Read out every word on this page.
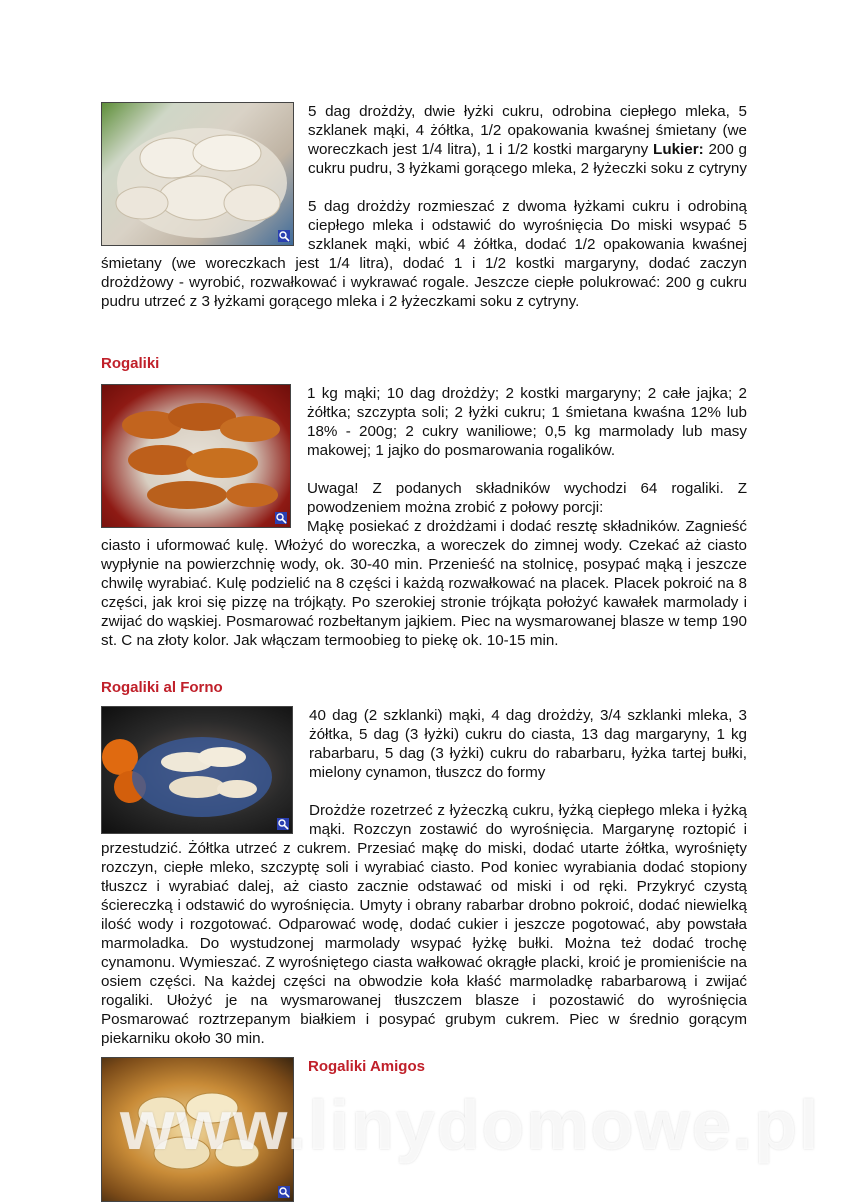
5 dag drożdży, dwie łyżki cukru, odrobina ciepłego mleka, 5 szklanek mąki, 4 żółtka, 1/2 opakowania kwaśnej śmietany (we woreczkach jest 1/4 litra), 1 i 1/2 kostki margaryny Lukier: 200 g cukru pudru, 3 łyżkami gorącego mleka, 2 łyżeczki soku z cytryny

5 dag drożdży rozmieszać z dwoma łyżkami cukru i odrobiną ciepłego mleka i odstawić do wyrośnięcia Do miski wsypać 5 szklanek mąki, wbić 4 żółtka, dodać 1/2 opakowania kwaśnej śmietany (we woreczkach jest 1/4 litra), dodać 1 i 1/2 kostki margaryny, dodać zaczyn drożdżowy - wyrobić, rozwałkować i wykrawać rogale. Jeszcze ciepłe polukrować: 200 g cukru pudru utrzeć z 3 łyżkami gorącego mleka i 2 łyżeczkami soku z cytryny.

Rogaliki

1 kg mąki; 10 dag drożdży; 2 kostki margaryny; 2 całe jajka; 2 żółtka; szczypta soli; 2 łyżki cukru; 1 śmietana kwaśna 12% lub 18% - 200g; 2 cukry waniliowe; 0,5 kg marmolady lub masy makowej; 1 jajko do posmarowania rogalików.

Uwaga! Z podanych składników wychodzi 64 rogaliki. Z powodzeniem można zrobić z połowy porcji:

Mąkę posiekać z drożdżami i dodać resztę składników. Zagnieść ciasto i uformować kulę. Włożyć do woreczka, a woreczek do zimnej wody. Czekać aż ciasto wypłynie na powierzchnię wody, ok. 30-40 min. Przenieść na stolnicę, posypać mąką i jeszcze chwilę wyrabiać. Kulę podzielić na 8 części i każdą rozwałkować na placek. Placek pokroić na 8 części, jak kroi się pizzę na trójkąty. Po szerokiej stronie trójkąta położyć kawałek marmolady i zwijać do wąskiej. Posmarować rozbełtanym jajkiem. Piec na wysmarowanej blasze w temp 190 st. C na złoty kolor. Jak włączam termoobieg to piekę ok. 10-15 min.

Rogaliki al Forno

40 dag (2 szklanki) mąki, 4 dag drożdży, 3/4 szklanki mleka, 3 żółtka, 5 dag (3 łyżki) cukru do ciasta, 13 dag margaryny, 1 kg rabarbaru, 5 dag (3 łyżki) cukru do rabarbaru, łyżka tartej bułki, mielony cynamon, tłuszcz do formy

Drożdże rozetrzeć z łyżeczką cukru, łyżką ciepłego mleka i łyżką mąki. Rozczyn zostawić do wyrośnięcia. Margarynę roztopić i przestudzić. Żółtka utrzeć z cukrem. Przesiać mąkę do miski, dodać utarte żółtka, wyrośnięty rozczyn, ciepłe mleko, szczyptę soli i wyrabiać ciasto. Pod koniec wyrabiania dodać stopiony tłuszcz i wyrabiać dalej, aż ciasto zacznie odstawać od miski i od ręki. Przykryć czystą ściereczką i odstawić do wyrośnięcia. Umyty i obrany rabarbar drobno pokroić, dodać niewielką ilość wody i rozgotować. Odparować wodę, dodać cukier i jeszcze pogotować, aby powstała marmoladka. Do wystudzonej marmolady wsypać łyżkę bułki. Można też dodać trochę cynamonu. Wymieszać. Z wyrośniętego ciasta wałkować okrągłe placki, kroić je promieniście na osiem części. Na każdej części na obwodzie koła kłaść marmoladkę rabarbarową i zwijać rogaliki. Ułożyć je na wysmarowanej tłuszczem blasze i pozostawić do wyrośnięcia Posmarować roztrzepanym białkiem i posypać grubym cukrem. Piec w średnio gorącym piekarniku około 30 min.

Rogaliki Amigos
www.linydomowe.pl
